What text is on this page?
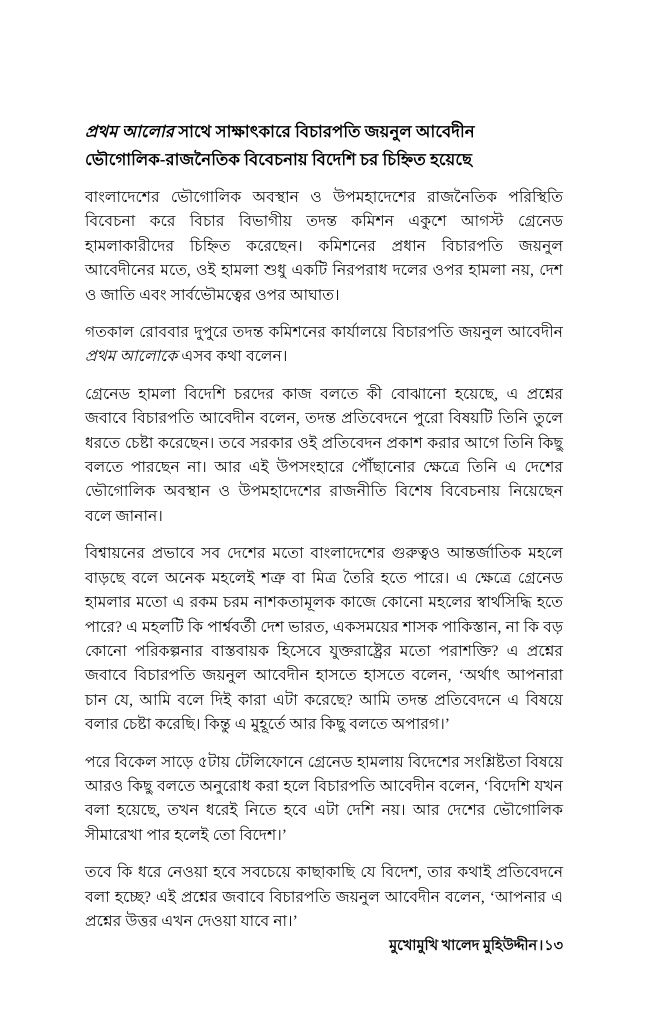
প্রথম আলোর সাথে সাক্ষাৎকারে বিচারপতি জয়নুল আবেদীন
ভৌগোলিক-রাজনৈতিক বিবেচনায় বিদেশি চর চিহ্নিত হয়েছে

বাংলাদেশের ভৌগোলিক অবস্থান ও উপমহাদেশের রাজনৈতিক পরিস্থিতি বিবেচনা করে বিচার বিভাগীয় তদন্ত কমিশন একুশে আগস্ট গ্রেনেড হামলাকারীদের চিহ্নিত করেছেন। কমিশনের প্রধান বিচারপতি জয়নুল আবেদীনের মতে, ওই হামলা শুধু একটি নিরপরাধ দলের ওপর হামলা নয়, দেশ ও জাতি এবং সার্বভৌমত্বের ওপর আঘাত।

গতকাল রোববার দুপুরে তদন্ত কমিশনের কার্যালয়ে বিচারপতি জয়নুল আবেদীন প্রথম আলোকে এসব কথা বলেন।

গ্রেনেড হামলা বিদেশি চরদের কাজ বলতে কী বোঝানো হয়েছে, এ প্রশ্নের জবাবে বিচারপতি আবেদীন বলেন, তদন্ত প্রতিবেদনে পুরো বিষয়টি তিনি তুলে ধরতে চেষ্টা করেছেন। তবে সরকার ওই প্রতিবেদন প্রকাশ করার আগে তিনি কিছু বলতে পারছেন না। আর এই উপসংহারে পৌঁছানোর ক্ষেত্রে তিনি এ দেশের ভৌগোলিক অবস্থান ও উপমহাদেশের রাজনীতি বিশেষ বিবেচনায় নিয়েছেন বলে জানান।

বিশ্বায়নের প্রভাবে সব দেশের মতো বাংলাদেশের গুরুত্বও আন্তর্জাতিক মহলে বাড়ছে বলে অনেক মহলেই শত্রু বা মিত্র তৈরি হতে পারে। এ ক্ষেত্রে গ্রেনেড হামলার মতো এ রকম চরম নাশকতামূলক কাজে কোনো মহলের স্বার্থসিদ্ধি হতে পারে? এ মহলটি কি পার্শ্ববর্তী দেশ ভারত, একসময়ের শাসক পাকিস্তান, না কি বড় কোনো পরিকল্পনার বাস্তবায়ক হিসেবে যুক্তরাষ্ট্রের মতো পরাশক্তি? এ প্রশ্নের জবাবে বিচারপতি জয়নুল আবেদীন হাসতে হাসতে বলেন, ‘অর্থাৎ আপনারা চান যে, আমি বলে দিই কারা এটা করেছে? আমি তদন্ত প্রতিবেদনে এ বিষয়ে বলার চেষ্টা করেছি। কিন্তু এ মুহূর্তে আর কিছু বলতে অপারগ।’

পরে বিকেল সাড়ে ৫টায় টেলিফোনে গ্রেনেড হামলায় বিদেশের সংশ্লিষ্টতা বিষয়ে আরও কিছু বলতে অনুরোধ করা হলে বিচারপতি আবেদীন বলেন, ‘বিদেশি যখন বলা হয়েছে, তখন ধরেই নিতে হবে এটা দেশি নয়। আর দেশের ভৌগোলিক সীমারেখা পার হলেই তো বিদেশ।’

তবে কি ধরে নেওয়া হবে সবচেয়ে কাছাকাছি যে বিদেশ, তার কথাই প্রতিবেদনে বলা হচ্ছে? এই প্রশ্নের জবাবে বিচারপতি জয়নুল আবেদীন বলেন, ‘আপনার এ প্রশ্নের উত্তর এখন দেওয়া যাবে না।’

মুখোমুখি খালেদ মুহিউদ্দীন।১৩
